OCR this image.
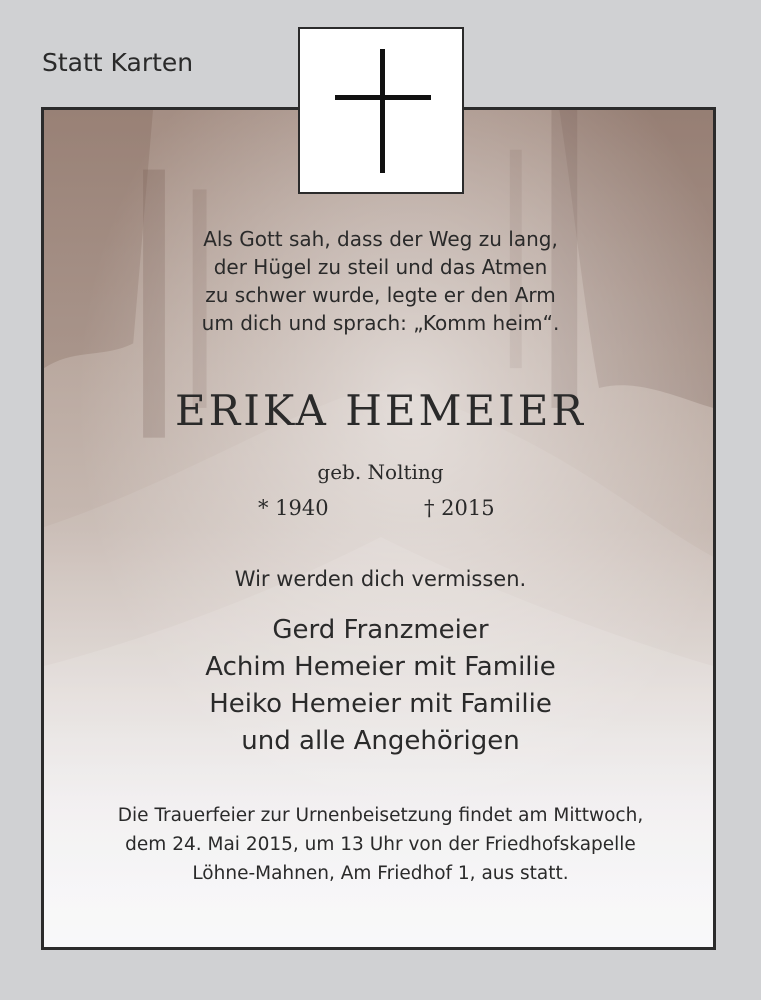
Statt Karten
Als Gott sah, dass der Weg zu lang,
der Hügel zu steil und das Atmen
zu schwer wurde, legte er den Arm
um dich und sprach: „Komm heim“.
ERIKA HEMEIER
geb. Nolting
* 1940	† 2015
Wir werden dich vermissen.
Gerd Franzmeier
Achim Hemeier mit Familie
Heiko Hemeier mit Familie
und alle Angehörigen
Die Trauerfeier zur Urnenbeisetzung findet am Mittwoch,
dem 24. Mai 2015, um 13 Uhr von der Friedhofskapelle
Löhne-Mahnen, Am Friedhof 1, aus statt.
